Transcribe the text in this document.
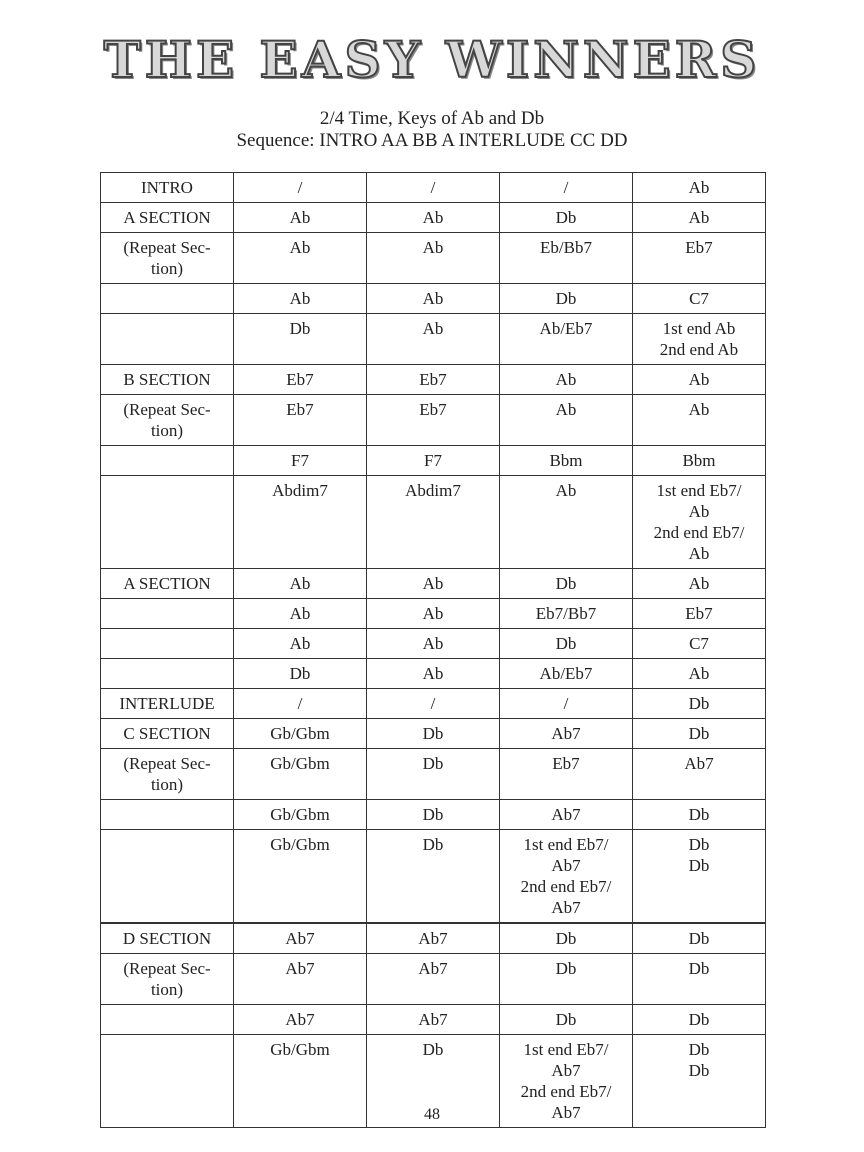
THE EASY WINNERS
2/4 Time, Keys of Ab and Db
Sequence: INTRO AA BB A INTERLUDE CC DD
INTRO	/	/	/	Ab
A SECTION	Ab	Ab	Db	Ab
(Repeat Sec-
tion)	Ab	Ab	Eb/Bb7	Eb7
	Ab	Ab	Db	C7
	Db	Ab	Ab/Eb7	1st end Ab
2nd end Ab
B SECTION	Eb7	Eb7	Ab	Ab
(Repeat Sec-
tion)	Eb7	Eb7	Ab	Ab
	F7	F7	Bbm	Bbm
	Abdim7	Abdim7	Ab	1st end Eb7/
Ab
2nd end Eb7/
Ab
A SECTION	Ab	Ab	Db	Ab
	Ab	Ab	Eb7/Bb7	Eb7
	Ab	Ab	Db	C7
	Db	Ab	Ab/Eb7	Ab
INTERLUDE	/	/	/	Db
C SECTION	Gb/Gbm	Db	Ab7	Db
(Repeat Sec-
tion)	Gb/Gbm	Db	Eb7	Ab7
	Gb/Gbm	Db	Ab7	Db
	Gb/Gbm	Db	1st end Eb7/
Ab7
2nd end Eb7/
Ab7	Db
Db
D SECTION	Ab7	Ab7	Db	Db
(Repeat Sec-
tion)	Ab7	Ab7	Db	Db
	Ab7	Ab7	Db	Db
	Gb/Gbm	Db	1st end Eb7/
Ab7
2nd end Eb7/
Ab7	Db
Db
48
